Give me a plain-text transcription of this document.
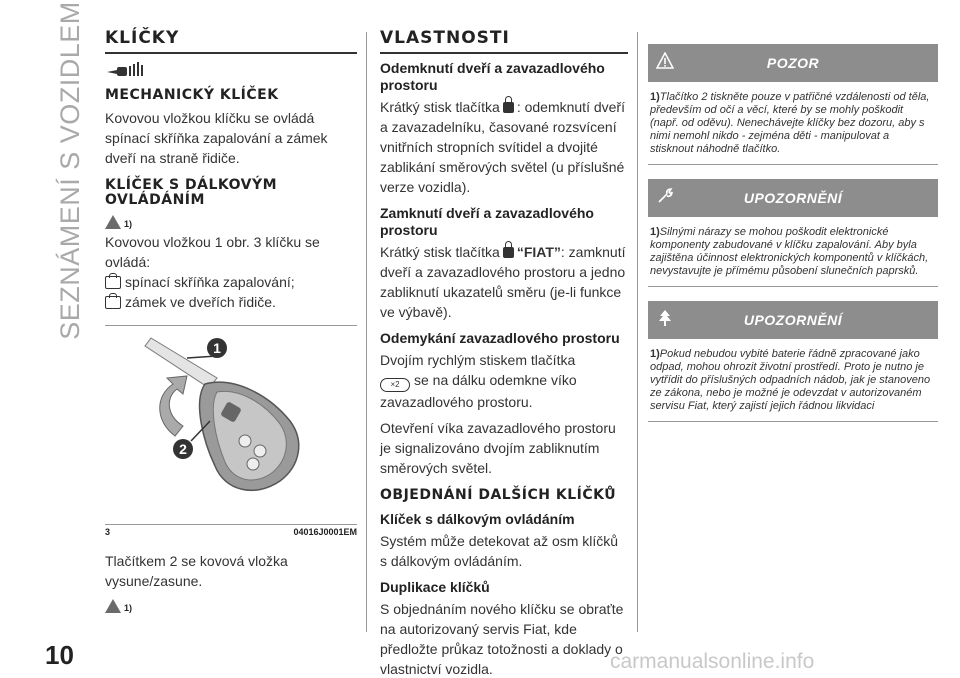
SEZNÁMENÍ S VOZIDLEM
10	carmanualsonline.info
KLÍČKY
MECHANICKÝ KLÍČEK
Kovovou vložkou klíčku se ovládá spínací skříňka zapalování a zámek dveří na straně řidiče.
KLÍČEK S DÁLKOVÝM OVLÁDÁNÍM
1)
Kovovou vložkou 1 obr. 3 klíčku se ovládá:
spínací skříňka zapalování;
zámek ve dveřích řidiče.
1
2
3	04016J0001EM
Tlačítkem 2 se kovová vložka vysune/zasune.
1)
VLASTNOSTI
Odemknutí dveří a zavazadlového prostoru
Krátký stisk tlačítka : odemknutí dveří a zavazadelníku, časované rozsvícení vnitřních stropních svítidel a dvojité zablikání směrových světel (u příslušné verze vozidla).
Zamknutí dveří a zavazadlového prostoru
Krátký stisk tlačítka “FIAT”: zamknutí dveří a zavazadlového prostoru a jedno zabliknutí ukazatelů směru (je-li funkce ve výbavě).
Odemykání zavazadlového prostoru
Dvojím rychlým stiskem tlačítka
×2 se na dálku odemkne víko zavazadlového prostoru.
Otevření víka zavazadlového prostoru je signalizováno dvojím zabliknutím směrových světel.
OBJEDNÁNÍ DALŠÍCH KLÍČKŮ
Klíček s dálkovým ovládáním
Systém může detekovat až osm klíčků s dálkovým ovládáním.
Duplikace klíčků
S objednáním nového klíčku se obraťte na autorizovaný servis Fiat, kde předložte průkaz totožnosti a doklady o vlastnictví vozidla.
POZOR
1)Tlačítko 2 tiskněte pouze v patřičné vzdálenosti od těla, především od očí a věcí, které by se mohly poškodit (např. od oděvu). Nenechávejte klíčky bez dozoru, aby s nimi nemohl nikdo - zejména děti - manipulovat a stisknout náhodně tlačítko.
UPOZORNĚNÍ
1)Silnými nárazy se mohou poškodit elektronické komponenty zabudované v klíčku zapalování. Aby byla zajištěna účinnost elektronických komponentů v klíčkách, nevystavujte je přímému působení slunečních paprsků.
UPOZORNĚNÍ
1)Pokud nebudou vybité baterie řádně zpracované jako odpad, mohou ohrozit životní prostředí. Proto je nutno je vytřídit do příslušných odpadních nádob, jak je stanoveno ze zákona, nebo je možné je odevzdat v autorizovaném servisu Fiat, který zajistí jejich řádnou likvidaci
